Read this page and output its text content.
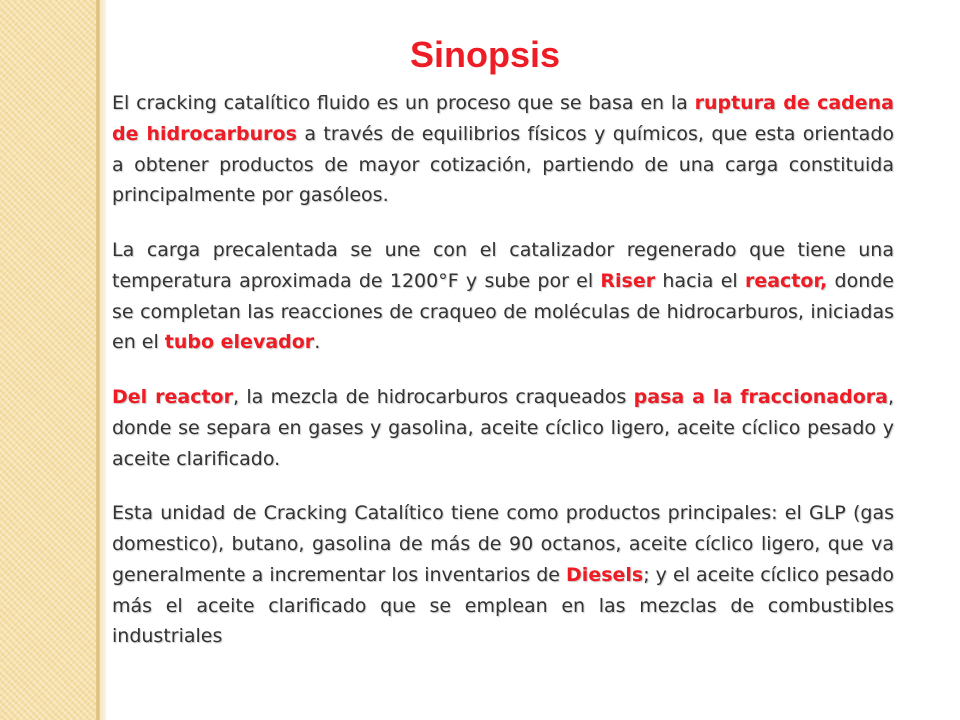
Sinopsis

El cracking catalítico fluido es un proceso que se basa en la ruptura de cadena de hidrocarburos a través de equilibrios físicos y químicos, que esta orientado a obtener productos de mayor cotización, partiendo de una carga constituida principalmente por gasóleos.

La carga precalentada se une con el catalizador regenerado que tiene una temperatura aproximada de 1200°F y sube por el Riser hacia el reactor, donde se completan las reacciones de craqueo de moléculas de hidrocarburos, iniciadas en el tubo elevador.

Del reactor, la mezcla de hidrocarburos craqueados pasa a la fraccionadora, donde se separa en gases y gasolina, aceite cíclico ligero, aceite cíclico pesado y aceite clarificado.

Esta unidad de Cracking Catalítico tiene como productos principales: el GLP (gas domestico), butano, gasolina de más de 90 octanos, aceite cíclico ligero, que va generalmente a incrementar los inventarios de Diesels; y el aceite cíclico pesado más el aceite clarificado que se emplean en las mezclas de combustibles industriales
